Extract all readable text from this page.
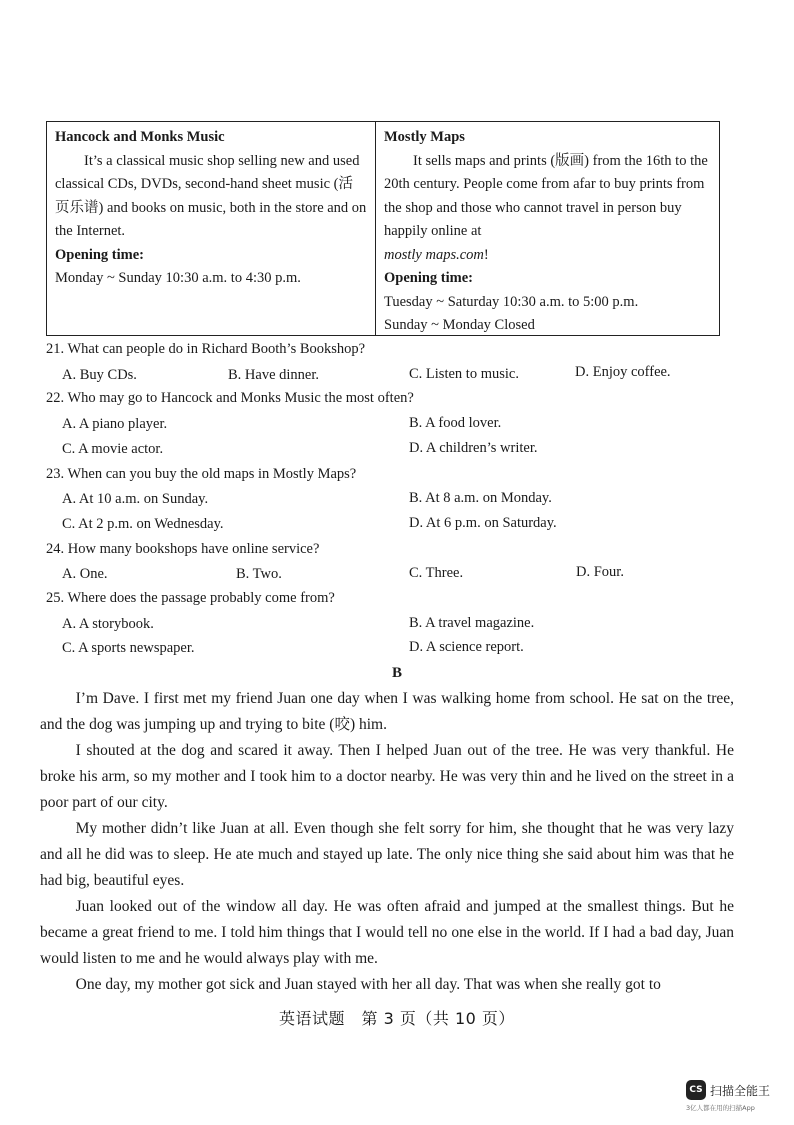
Hancock and Monks Music
It’s a classical music shop selling new and used classical CDs, DVDs, second-hand sheet music (活页乐谱) and books on music, both in the store and on the Internet.
Opening time:
Monday ~ Sunday 10:30 a.m. to 4:30 p.m.
Mostly Maps
It sells maps and prints (版画) from the 16th to the 20th century. People come from afar to buy prints from the shop and those who cannot travel in person buy happily online at
mostly maps.com!
Opening time:
Tuesday ~ Saturday 10:30 a.m. to 5:00 p.m.
Sunday ~ Monday Closed
21. What can people do in Richard Booth’s Bookshop?
A. Buy CDs.	B. Have dinner.	C. Listen to music.	D. Enjoy coffee.
22. Who may go to Hancock and Monks Music the most often?
A. A piano player.	B. A food lover.
C. A movie actor.	D. A children’s writer.
23. When can you buy the old maps in Mostly Maps?
A. At 10 a.m. on Sunday.	B. At 8 a.m. on Monday.
C. At 2 p.m. on Wednesday.	D. At 6 p.m. on Saturday.
24. How many bookshops have online service?
A. One.	B. Two.	C. Three.	D. Four.
25. Where does the passage probably come from?
A. A storybook.	B. A travel magazine.
C. A sports newspaper.	D. A science report.
B

I’m Dave. I first met my friend Juan one day when I was walking home from school. He sat on the tree, and the dog was jumping up and trying to bite (咬) him.

I shouted at the dog and scared it away. Then I helped Juan out of the tree. He was very thankful. He broke his arm, so my mother and I took him to a doctor nearby. He was very thin and he lived on the street in a poor part of our city.

My mother didn’t like Juan at all. Even though she felt sorry for him, she thought that he was very lazy and all he did was to sleep. He ate much and stayed up late. The only nice thing she said about him was that he had big, beautiful eyes.

Juan looked out of the window all day. He was often afraid and jumped at the smallest things. But he became a great friend to me. I told him things that I would tell no one else in the world. If I had a bad day, Juan would listen to me and he would always play with me.

One day, my mother got sick and Juan stayed with her all day. That was when she really got to

英语试题　第 3 页（共 10 页）
CS 扫描全能王
3亿人都在用的扫描App
